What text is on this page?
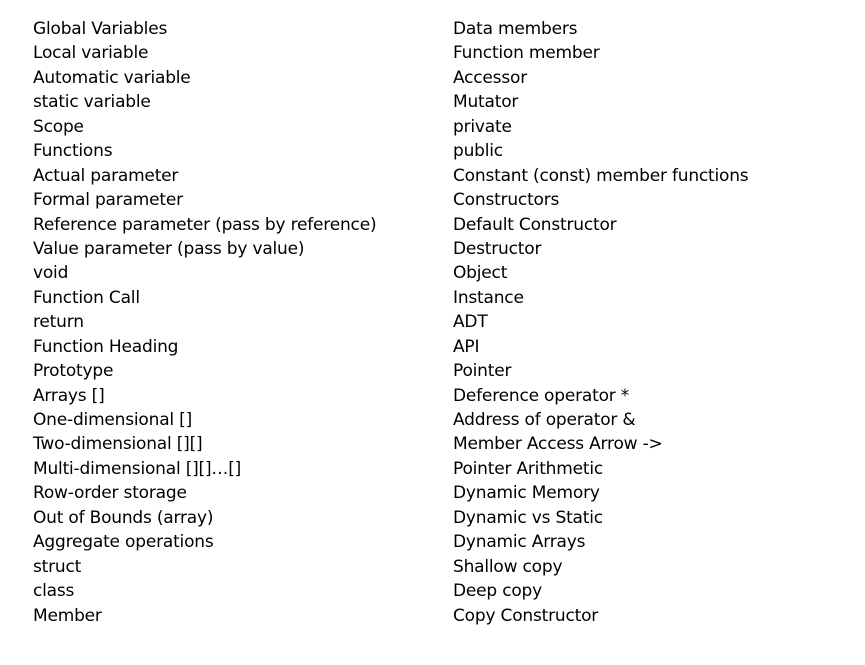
Global Variables
Local variable
Automatic variable
static variable
Scope
Functions
Actual parameter
Formal parameter
Reference parameter (pass by reference)
Value parameter (pass by value)
void
Function Call
return
Function Heading
Prototype
Arrays []
One-dimensional []
Two-dimensional [][]
Multi-dimensional [][]…[]
Row-order storage
Out of Bounds (array)
Aggregate operations
struct
class
Member
Data members
Function member
Accessor
Mutator
private
public
Constant (const) member functions
Constructors
Default Constructor
Destructor
Object
Instance
ADT
API
Pointer
Deference operator *
Address of operator &
Member Access Arrow ->
Pointer Arithmetic
Dynamic Memory
Dynamic vs Static
Dynamic Arrays
Shallow copy
Deep copy
Copy Constructor
